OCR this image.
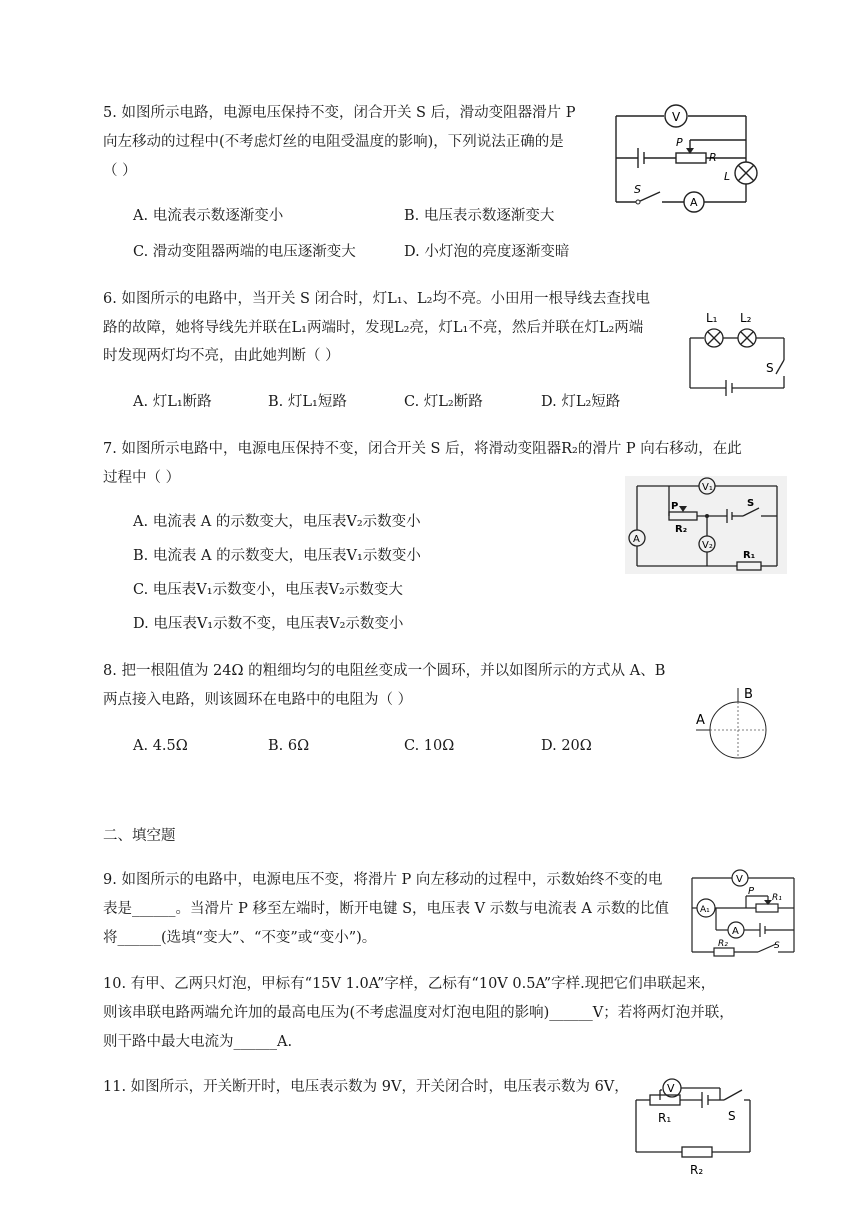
5. 如图所示电路，电源电压保持不变，闭合开关 S 后，滑动变阻器滑片 P
向左移动的过程中(不考虑灯丝的电阻受温度的影响)，下列说法正确的是
（ ）
A. 电流表示数逐渐变小	B. 电压表示数逐渐变大
C. 滑动变阻器两端的电压逐渐变大	D. 小灯泡的亮度逐渐变暗
V
P
R
L
S
A
6. 如图所示的电路中，当开关 S 闭合时，灯L₁、L₂均不亮。小田用一根导线去查找电
路的故障，她将导线先并联在L₁两端时，发现L₂亮，灯L₁不亮，然后并联在灯L₂两端
时发现两灯均不亮，由此她判断（ ）
A. 灯L₁断路	B. 灯L₁短路	C. 灯L₂断路	D. 灯L₂短路
L₁ L₂
S
7. 如图所示电路中，电源电压保持不变，闭合开关 S 后，将滑动变阻器R₂的滑片 P 向右移动，在此
过程中（ ）
A. 电流表 A 的示数变大，电压表V₂示数变小
B. 电流表 A 的示数变大，电压表V₁示数变小
C. 电压表V₁示数变小，电压表V₂示数变大
D. 电压表V₁示数不变，电压表V₂示数变小
V₁
A
V₂
P
R₂
R₁
S
8. 把一根阻值为 24Ω 的粗细均匀的电阻丝变成一个圆环，并以如图所示的方式从 A、B
两点接入电路，则该圆环在电路中的电阻为（ ）
A. 4.5Ω	B. 6Ω	C. 10Ω	D. 20Ω
B
A
二、填空题
9. 如图所示的电路中，电源电压不变，将滑片 P 向左移动的过程中，示数始终不变的电
表是______。当滑片 P 移至左端时，断开电键 S，电压表 V 示数与电流表 A 示数的比值
将______(选填“变大”、“不变”或“变小”)。
V
A₁
A
P
R₁
R₂	S
10. 有甲、乙两只灯泡，甲标有“15V 1.0A”字样，乙标有“10V 0.5A”字样.现把它们串联起来，
则该串联电路两端允许加的最高电压为(不考虑温度对灯泡电阻的影响)______V；若将两灯泡并联，
则干路中最大电流为______A.
11. 如图所示，开关断开时，电压表示数为 9V，开关闭合时，电压表示数为 6V，	V
R₁	S
R₂
